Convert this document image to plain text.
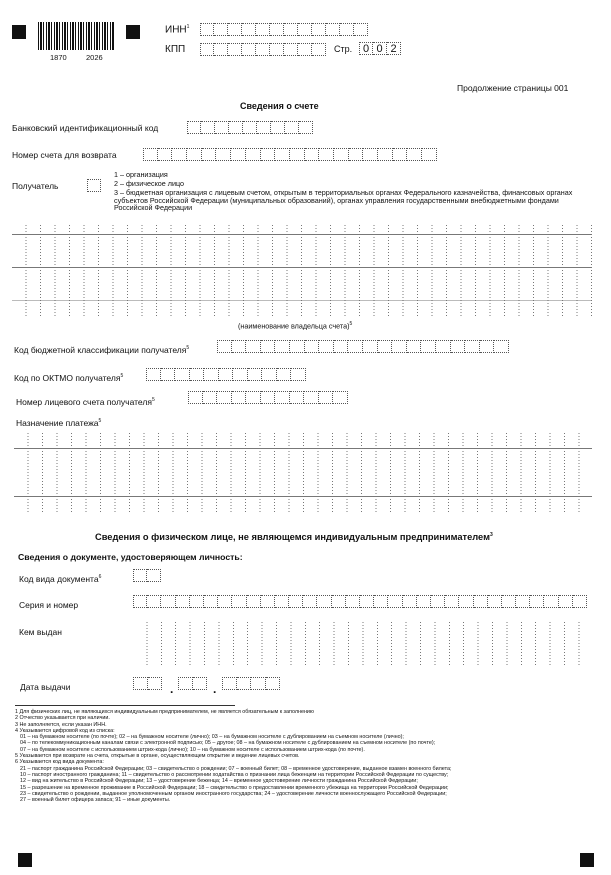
1870	2026
ИНН$^1$
КПП	Стр. 0 0 2
Продолжение страницы 001
Сведения о счете
Банковский идентификационный код
Номер счета для возврата
Получатель
1 – организация
2 – физическое лицо
3 – бюджетная организация с лицевым счетом, открытым в территориальных органах Федерального казначейства, финансовых органах субъектов Российской Федерации (муниципальных образований), органах управления государственными внебюджетными фондами Российской Федерации
(наименование владельца счета)$^5$
Код бюджетной классификации получателя$^5$
Код по ОКТМО получателя$^5$
Номер лицевого счета получателя$^5$
Назначение платежа$^5$
Сведения о физическом лице, не являющемся индивидуальным предпринимателем$^3$
Сведения о документе, удостоверяющем личность:
Код вида документа$^6$
Серия и номер
Кем выдан
Дата выдачи	.	.
1 Для физических лиц, не являющихся индивидуальным предпринимателем, не является обязательным к заполнению
2 Отчество указывается при наличии.
3 Не заполняется, если указан ИНН.
4 Указывается цифровой код из списка:
01 – на бумажном носителе (по почте); 02 – на бумажном носителе (лично); 03 – на бумажном носителе с дублированием на съемном носителе (лично);
04 – по телекоммуникационным каналам связи с электронной подписью; 05 – другое; 08 – на бумажном носителе с дублированием на съемном носителе (по почте);
07 – на бумажном носителе с использованием штрих-кода (лично); 10 – на бумажном носителе с использованием штрих-кода (по почте).
5 Указывается при возврате на счета, открытые в органе, осуществляющем открытие и ведение лицевых счетов.
6 Указывается код вида документа:
21 – паспорт гражданина Российской Федерации; 03 – свидетельство о рождении; 07 – военный билет; 08 – временное удостоверение, выданное взамен военного билета;
10 – паспорт иностранного гражданина; 11 – свидетельство о рассмотрении ходатайства о признании лица беженцем на территории Российской Федерации по существу;
12 – вид на жительство в Российской Федерации; 13 – удостоверение беженца; 14 – временное удостоверение личности гражданина Российской Федерации;
15 – разрешение на временное проживание в Российской Федерации; 18 – свидетельство о предоставлении временного убежища на территории Российской Федерации;
23 – свидетельство о рождении, выданное уполномоченным органом иностранного государства; 24 – удостоверение личности военнослужащего Российской Федерации;
27 – военный билет офицера запаса; 91 – иные документы.
